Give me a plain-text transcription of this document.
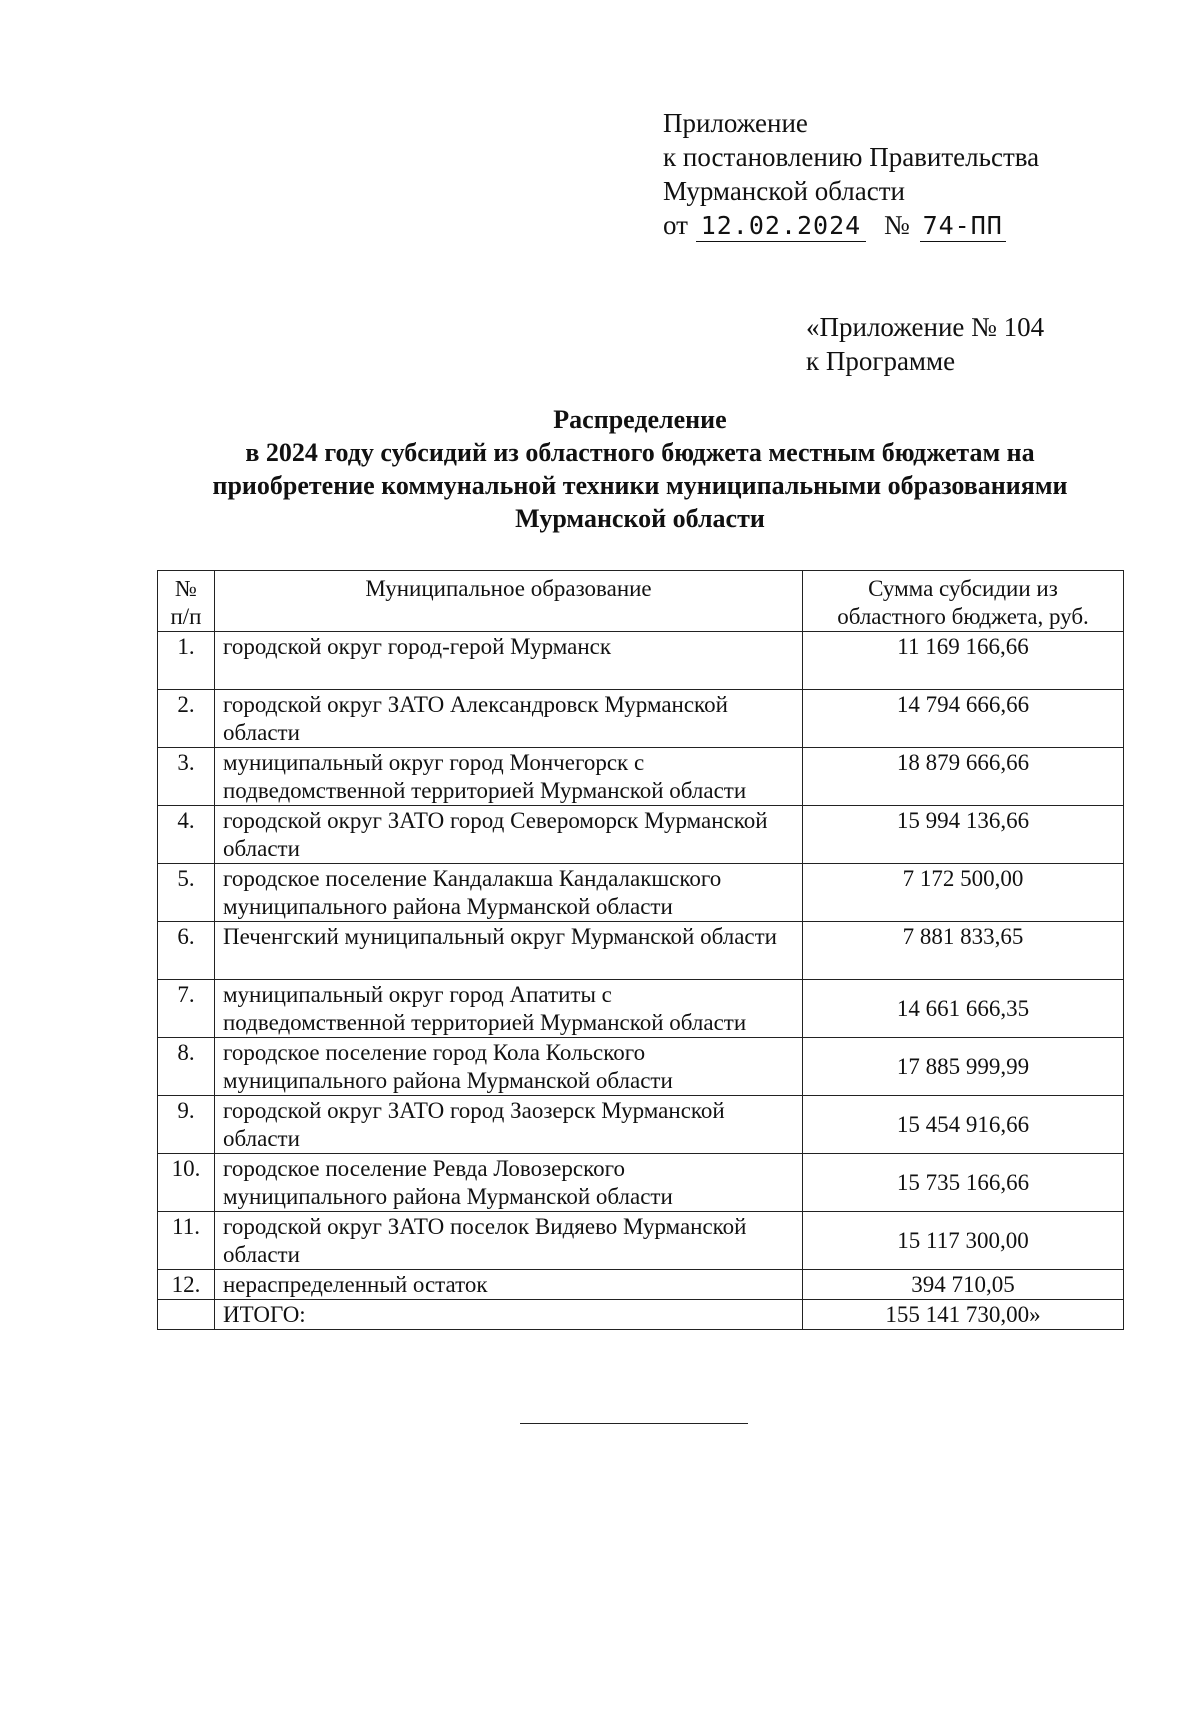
Приложение
к постановлению Правительства
Мурманской области
от 12.02.2024 № 74-ПП
«Приложение № 104
к Программе
Распределение
в 2024 году субсидий из областного бюджета местным бюджетам на
приобретение коммунальной техники муниципальными образованиями
Мурманской области
№ п/п	Муниципальное образование	Сумма субсидии из областного бюджета, руб.
1.	городской округ город-герой Мурманск	11 169 166,66
2.	городской округ ЗАТО Александровск Мурманской области	14 794 666,66
3.	муниципальный округ город Мончегорск с подведомственной территорией Мурманской области	18 879 666,66
4.	городской округ ЗАТО город Североморск Мурманской области	15 994 136,66
5.	городское поселение Кандалакша Кандалакшского муниципального района Мурманской области	7 172 500,00
6.	Печенгский муниципальный округ Мурманской области	7 881 833,65
7.	муниципальный округ город Апатиты с подведомственной территорией Мурманской области	14 661 666,35
8.	городское поселение город Кола Кольского муниципального района Мурманской области	17 885 999,99
9.	городской округ ЗАТО город Заозерск Мурманской области	15 454 916,66
10.	городское поселение Ревда Ловозерского муниципального района Мурманской области	15 735 166,66
11.	городской округ ЗАТО поселок Видяево Мурманской области	15 117 300,00
12.	нераспределенный остаток	394 710,05
	ИТОГО:	155 141 730,00»
